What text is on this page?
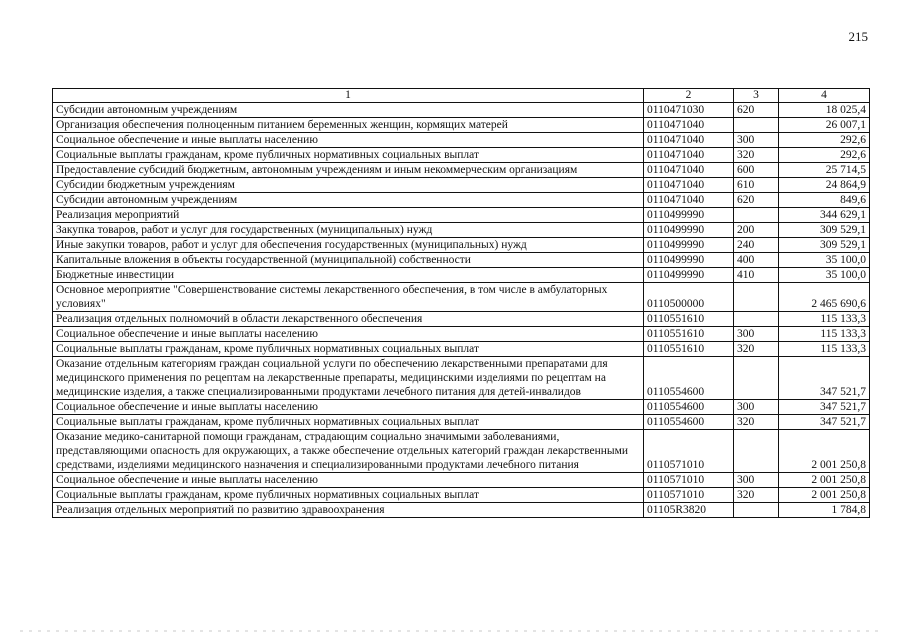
215
1	2	3	4
Субсидии автономным учреждениям	0110471030	620	18 025,4
Организация обеспечения полноценным питанием беременных женщин, кормящих матерей	0110471040		26 007,1
Социальное обеспечение и иные выплаты населению	0110471040	300	292,6
Социальные выплаты гражданам, кроме публичных нормативных социальных выплат	0110471040	320	292,6
Предоставление субсидий бюджетным, автономным учреждениям и иным некоммерческим организациям	0110471040	600	25 714,5
Субсидии бюджетным учреждениям	0110471040	610	24 864,9
Субсидии автономным учреждениям	0110471040	620	849,6
Реализация мероприятий	0110499990		344 629,1
Закупка товаров, работ и услуг для государственных (муниципальных) нужд	0110499990	200	309 529,1
Иные закупки товаров, работ и услуг для обеспечения государственных (муниципальных) нужд	0110499990	240	309 529,1
Капитальные вложения в объекты государственной (муниципальной) собственности	0110499990	400	35 100,0
Бюджетные инвестиции	0110499990	410	35 100,0
Основное мероприятие "Совершенствование системы лекарственного обеспечения, в том числе в амбулаторных условиях"	0110500000		2 465 690,6
Реализация отдельных полномочий в области лекарственного обеспечения	0110551610		115 133,3
Социальное обеспечение и иные выплаты населению	0110551610	300	115 133,3
Социальные выплаты гражданам, кроме публичных нормативных социальных выплат	0110551610	320	115 133,3
Оказание отдельным категориям граждан социальной услуги по обеспечению лекарственными препаратами для медицинского применения по рецептам на лекарственные препараты, медицинскими изделиями по рецептам на медицинские изделия, а также специализированными продуктами лечебного питания для детей-инвалидов	0110554600		347 521,7
Социальное обеспечение и иные выплаты населению	0110554600	300	347 521,7
Социальные выплаты гражданам, кроме публичных нормативных социальных выплат	0110554600	320	347 521,7
Оказание медико-санитарной помощи гражданам, страдающим социально значимыми заболеваниями, представляющими опасность для окружающих, а также обеспечение отдельных категорий граждан лекарственными средствами, изделиями медицинского назначения и специализированными продуктами лечебного питания	0110571010		2 001 250,8
Социальное обеспечение и иные выплаты населению	0110571010	300	2 001 250,8
Социальные выплаты гражданам, кроме публичных нормативных социальных выплат	0110571010	320	2 001 250,8
Реализация отдельных мероприятий по развитию здравоохранения	01105R3820		1 784,8
